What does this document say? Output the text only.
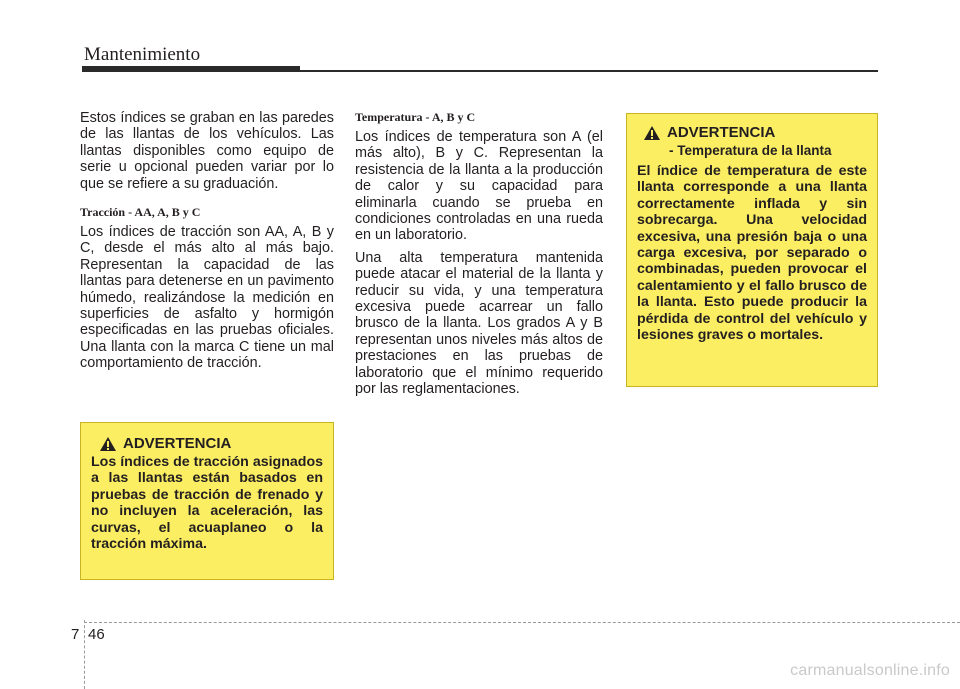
Mantenimiento

Estos índices se graban en las paredes de las llantas de los vehículos. Las llantas disponibles como equipo de serie u opcional pueden variar por lo que se refiere a su graduación.

Tracción - AA, A, B y C

Los índices de tracción son AA, A, B y C, desde el más alto al más bajo. Representan la capacidad de las llantas para detenerse en un pavimento húmedo, realizándose la medición en superficies de asfalto y hormigón especificadas en las pruebas oficiales. Una llanta con la marca C tiene un mal comportamiento de tracción.

Temperatura - A, B y C

Los índices de temperatura son A (el más alto), B y C. Representan la resistencia de la llanta a la producción de calor y su capacidad para eliminarla cuando se prueba en condiciones controladas en una rueda en un laboratorio.

Una alta temperatura mantenida puede atacar el material de la llanta y reducir su vida, y una temperatura excesiva puede acarrear un fallo brusco de la llanta. Los grados A y B representan unos niveles más altos de prestaciones en las pruebas de laboratorio que el mínimo requerido por las reglamentaciones.

ADVERTENCIA
Los índices de tracción asignados a las llantas están basados en pruebas de tracción de frenado y no incluyen la aceleración, las curvas, el acuaplaneo o la tracción máxima.
ADVERTENCIA
- Temperatura de la llanta
El índice de temperatura de este llanta corresponde a una llanta correctamente inflada y sin sobrecarga. Una velocidad excesiva, una presión baja o una carga excesiva, por separado o combinadas, pueden provocar el calentamiento y el fallo brusco de la llanta. Esto puede producir la pérdida de control del vehículo y lesiones graves o mortales.
7 46
carmanualsonline.info
